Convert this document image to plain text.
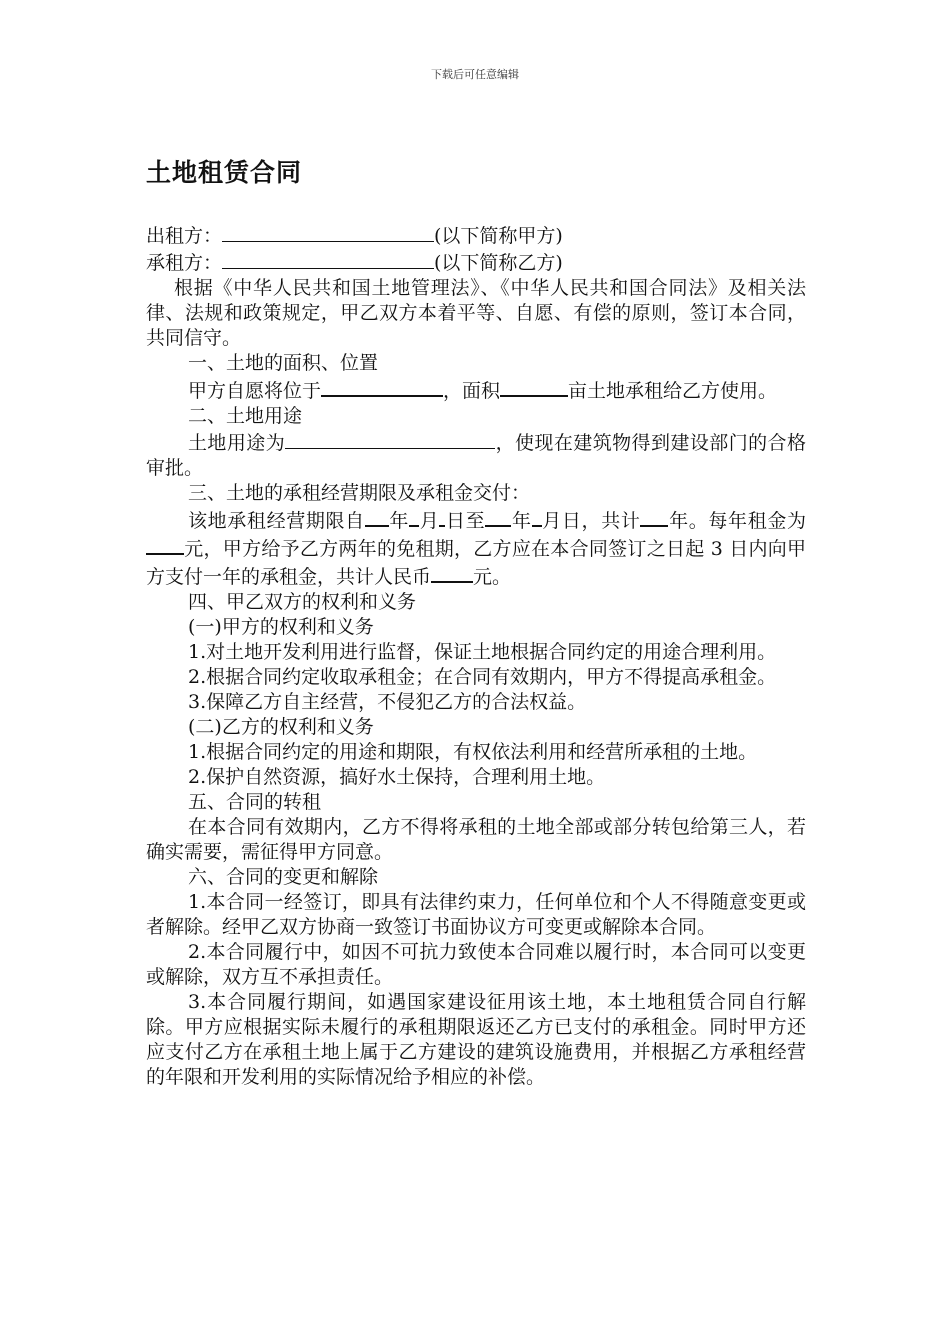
下载后可任意编辑
土地租赁合同

出租方：	(以下简称甲方)

承租方：	(以下简称乙方)

根据《中华人民共和国土地管理法》、《中华人民共和国合同法》及相关法律、法规和政策规定，甲乙双方本着平等、自愿、有偿的原则，签订本合同，共同信守。

一、土地的面积、位置

甲方自愿将位于	，面积	亩土地承租给乙方使用。

二、土地用途

土地用途为	，使现在建筑物得到建设部门的合格审批。

三、土地的承租经营期限及承租金交付：

该地承租经营期限自 年 月 日至 年 月日，共计 年。每年租金为元，甲方给予乙方两年的免租期，乙方应在本合同签订之日起 3 日内向甲方支付一年的承租金，共计人民币 元。

四、甲乙双方的权利和义务

(一)甲方的权利和义务

1.对土地开发利用进行监督，保证土地根据合同约定的用途合理利用。

2.根据合同约定收取承租金；在合同有效期内，甲方不得提高承租金。

3.保障乙方自主经营，不侵犯乙方的合法权益。

(二)乙方的权利和义务

1.根据合同约定的用途和期限，有权依法利用和经营所承租的土地。

2.保护自然资源，搞好水土保持，合理利用土地。

五、合同的转租

在本合同有效期内，乙方不得将承租的土地全部或部分转包给第三人，若确实需要，需征得甲方同意。

六、合同的变更和解除

1.本合同一经签订，即具有法律约束力，任何单位和个人不得随意变更或者解除。经甲乙双方协商一致签订书面协议方可变更或解除本合同。

2.本合同履行中，如因不可抗力致使本合同难以履行时，本合同可以变更或解除，双方互不承担责任。

3.本合同履行期间，如遇国家建设征用该土地，本土地租赁合同自行解除。甲方应根据实际未履行的承租期限返还乙方已支付的承租金。同时甲方还应支付乙方在承租土地上属于乙方建设的建筑设施费用，并根据乙方承租经营的年限和开发利用的实际情况给予相应的补偿。
